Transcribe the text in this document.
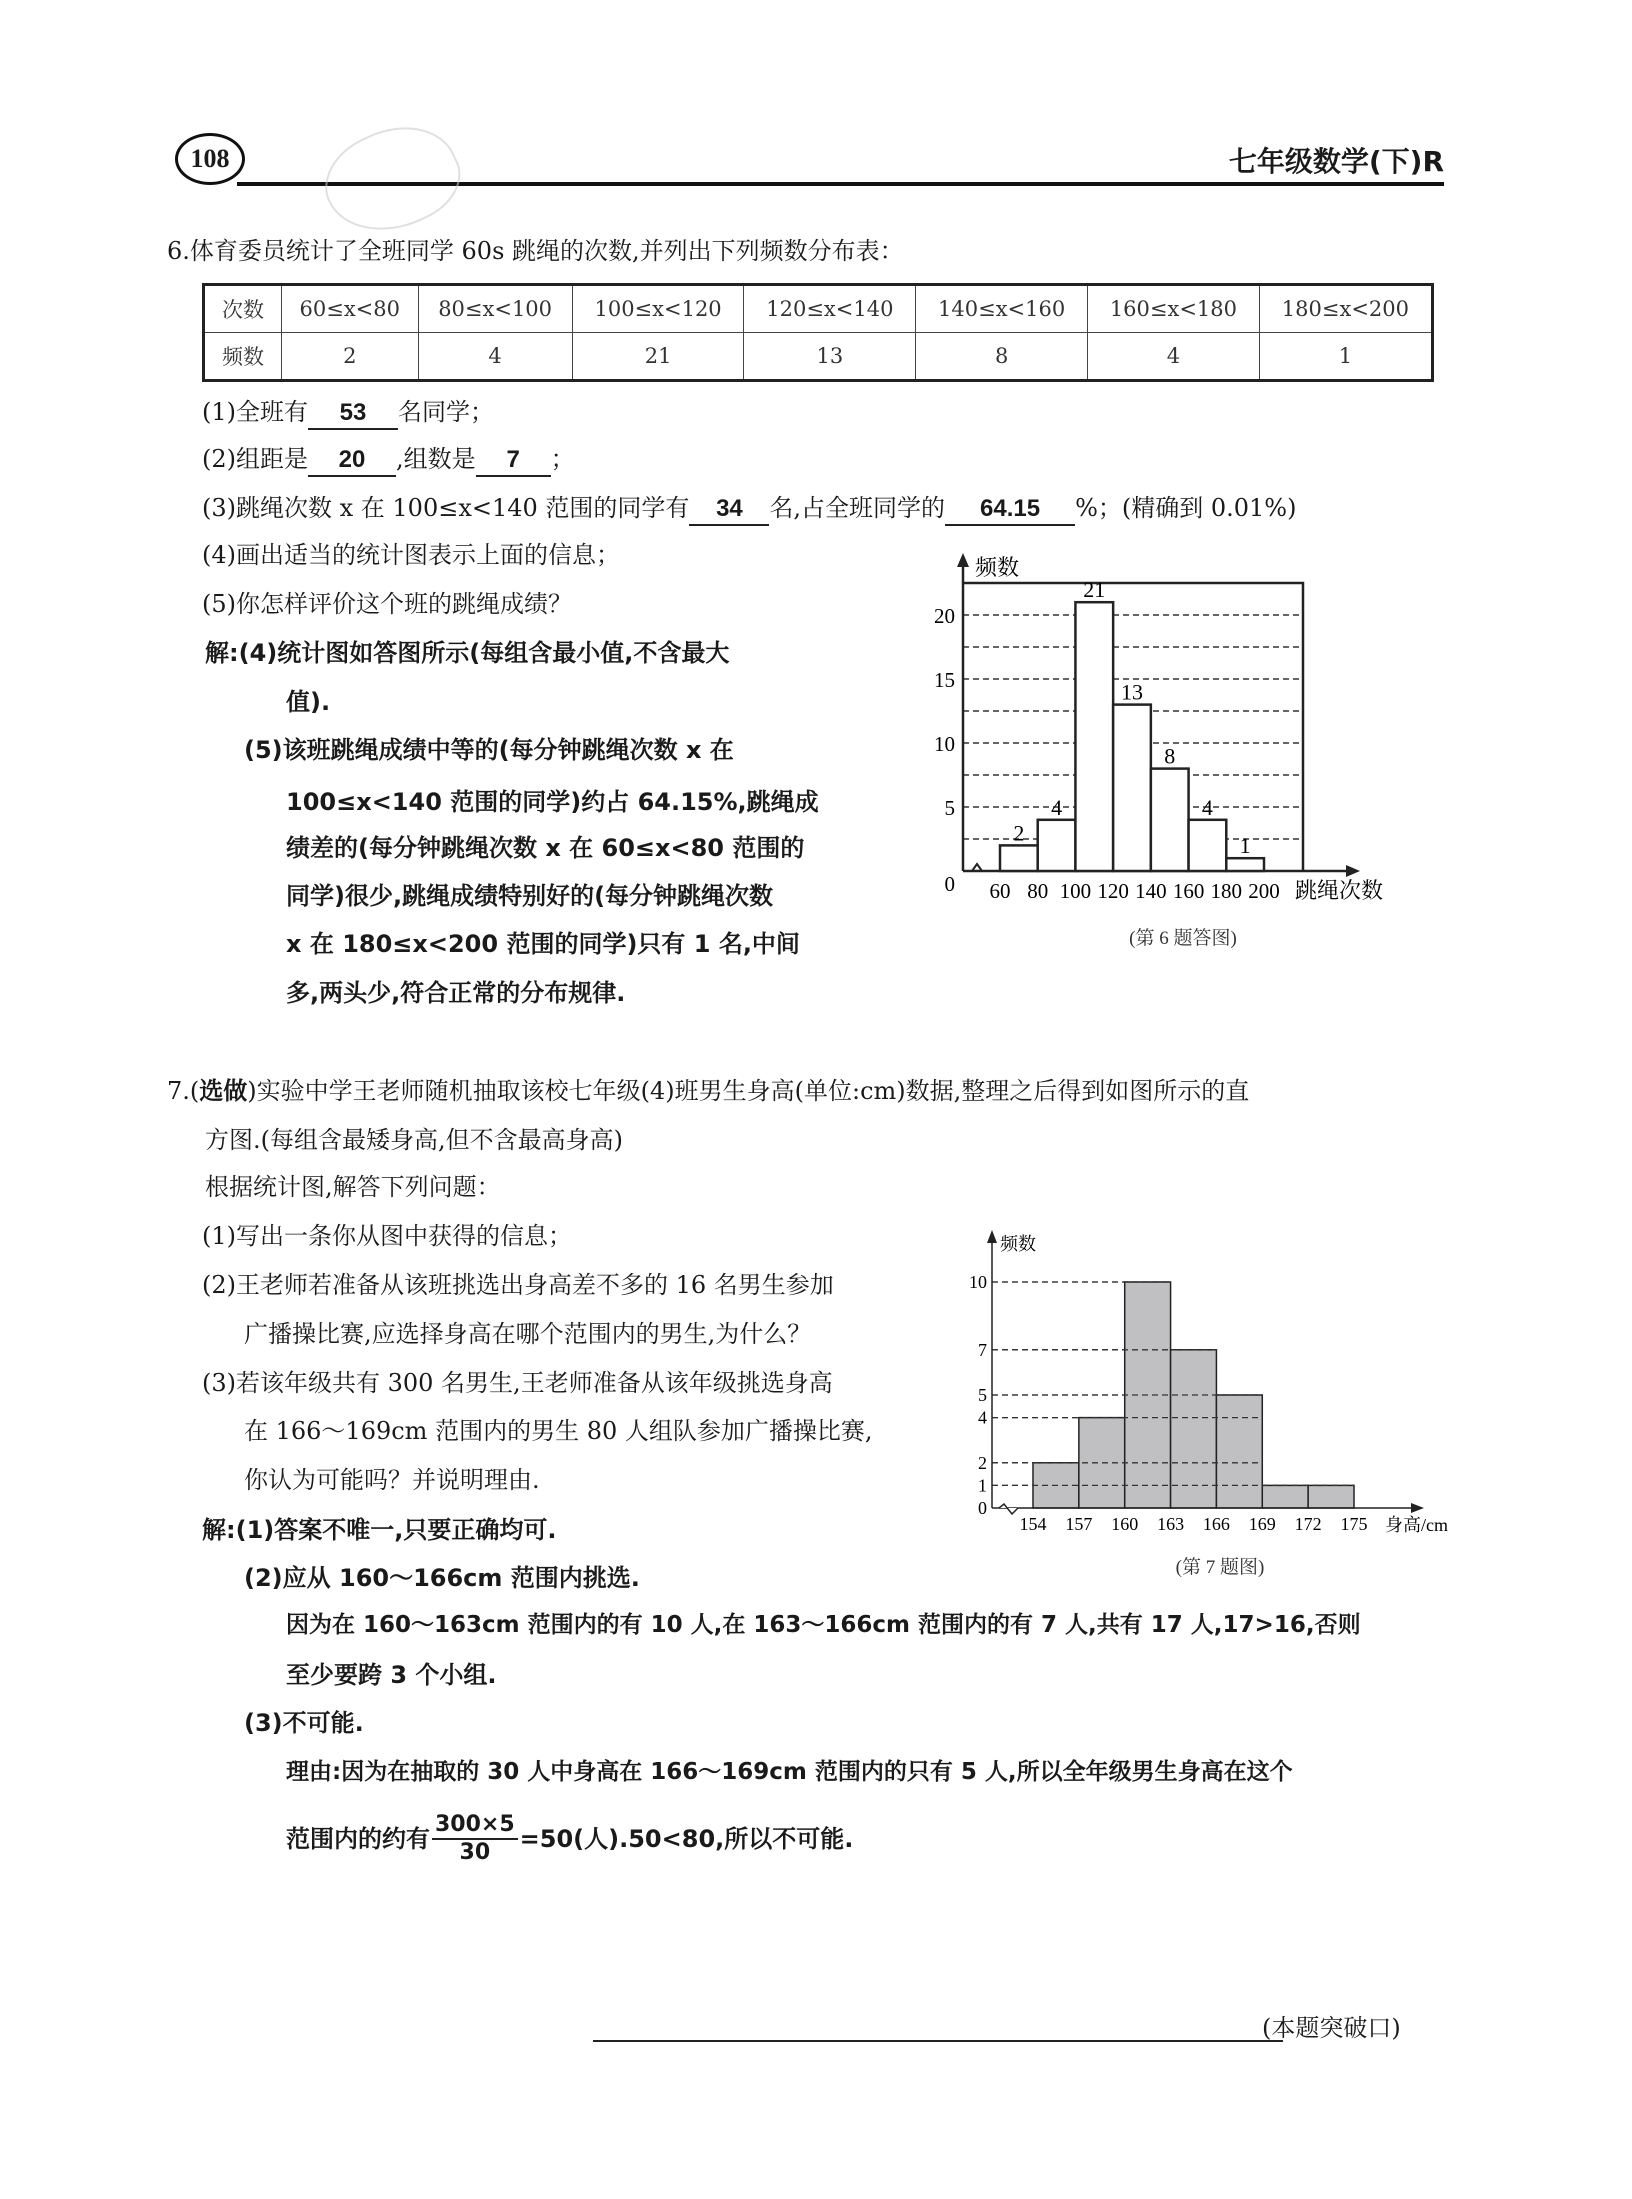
108	七年级数学(下)R
6.体育委员统计了全班同学 60s 跳绳的次数,并列出下列频数分布表：
次数	60≤x<80	80≤x<100	100≤x<120	120≤x<140	140≤x<160	160≤x<180	180≤x<200
频数	2	4	21	13	8	4	1
(1)全班有 53 名同学；
(2)组距是 20 ,组数是 7 ；
(3)跳绳次数 x 在 100≤x<140 范围的同学有 34 名,占全班同学的 64.15 %；(精确到 0.01%)
(4)画出适当的统计图表示上面的信息；
(5)你怎样评价这个班的跳绳成绩？
解:(4)统计图如答图所示(每组含最小值,不含最大
值).
(5)该班跳绳成绩中等的(每分钟跳绳次数 x 在
100≤x<140 范围的同学)约占 64.15%,跳绳成
绩差的(每分钟跳绳次数 x 在 60≤x<80 范围的
同学)很少,跳绳成绩特别好的(每分钟跳绳次数
x 在 180≤x<200 范围的同学)只有 1 名,中间
多,两头少,符合正常的分布规律.
2
4
21
13
8
4
1
60 80 100 120 140 160 180 200
0
5
10
15
20
频数
跳绳次数
(第 6 题答图)
7.(选做)实验中学王老师随机抽取该校七年级(4)班男生身高(单位:cm)数据,整理之后得到如图所示的直
方图.(每组含最矮身高,但不含最高身高)
根据统计图,解答下列问题：
(1)写出一条你从图中获得的信息；
(2)王老师若准备从该班挑选出身高差不多的 16 名男生参加
广播操比赛,应选择身高在哪个范围内的男生,为什么？
(3)若该年级共有 300 名男生,王老师准备从该年级挑选身高
在 166～169cm 范围内的男生 80 人组队参加广播操比赛,
你认为可能吗？并说明理由.
解:(1)答案不唯一,只要正确均可.
(2)应从 160～166cm 范围内挑选.
因为在 160～163cm 范围内的有 10 人,在 163～166cm 范围内的有 7 人,共有 17 人,17>16,否则
至少要跨 3 个小组.
(3)不可能.
理由:因为在抽取的 30 人中身高在 166～169cm 范围内的只有 5 人,所以全年级男生身高在这个
范围内的约有 $\frac{300\times 5}{30} =50$(人).50<80,所以不可能.
154 157 160 163 166 169 172 175
0
1
2
4
5
7
10
频数
身高/cm
(第 7 题图)
(本题突破口)
